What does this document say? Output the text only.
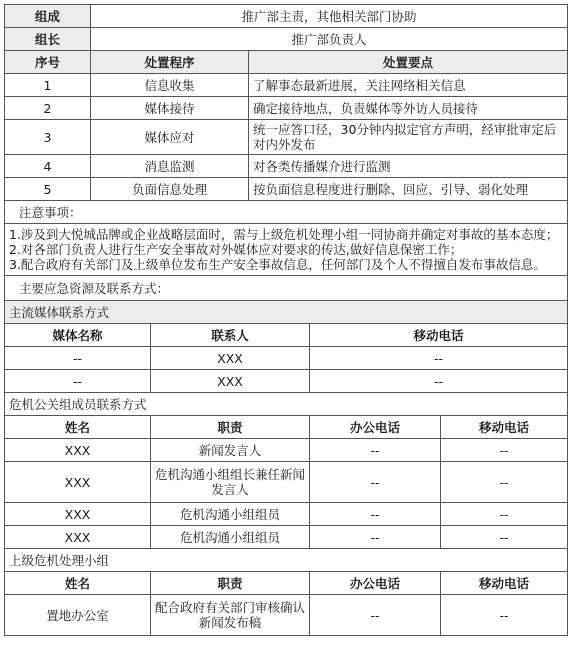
组成	推广部主责，其他相关部门协助				
组长	推广部负责人				
序号	处置程序		处置要点		
1	信息收集		了解事态最新进展，关注网络相关信息		
2	媒体接待		确定接待地点，负责媒体等外访人员接待		
3	媒体应对		统一应答口径，30分钟内拟定官方声明，经审批审定后对内外发布		
4	消息监测		对各类传播媒介进行监测		
5	负面信息处理		按负面信息程度进行删除、回应、引导、弱化处理		
注意事项：					

1.涉及到大悦城品牌或企业战略层面时，需与上级危机处理小组一同协商并确定对事故的基本态度；
2.对各部门负责人进行生产安全事故对外媒体应对要求的传达,做好信息保密工作；
3.配合政府有关部门及上级单位发布生产安全事故信息，任何部门及个人不得擅自发布事故信息。					

主要应急资源及联系方式：					
主流媒体联系方式					
媒体名称		联系人		移动电话	
--		XXX		--	
--		XXX		--	
危机公关组成员联系方式					
姓名		职责		办公电话	移动电话
XXX		新闻发言人		--	--
XXX		危机沟通小组组长兼任新闻发言人		--	--
XXX		危机沟通小组组员		--	--
XXX		危机沟通小组组员		--	--
上级危机处理小组					
姓名		职责		办公电话	移动电话
置地办公室		配合政府有关部门审核确认新闻发布稿		--	--
